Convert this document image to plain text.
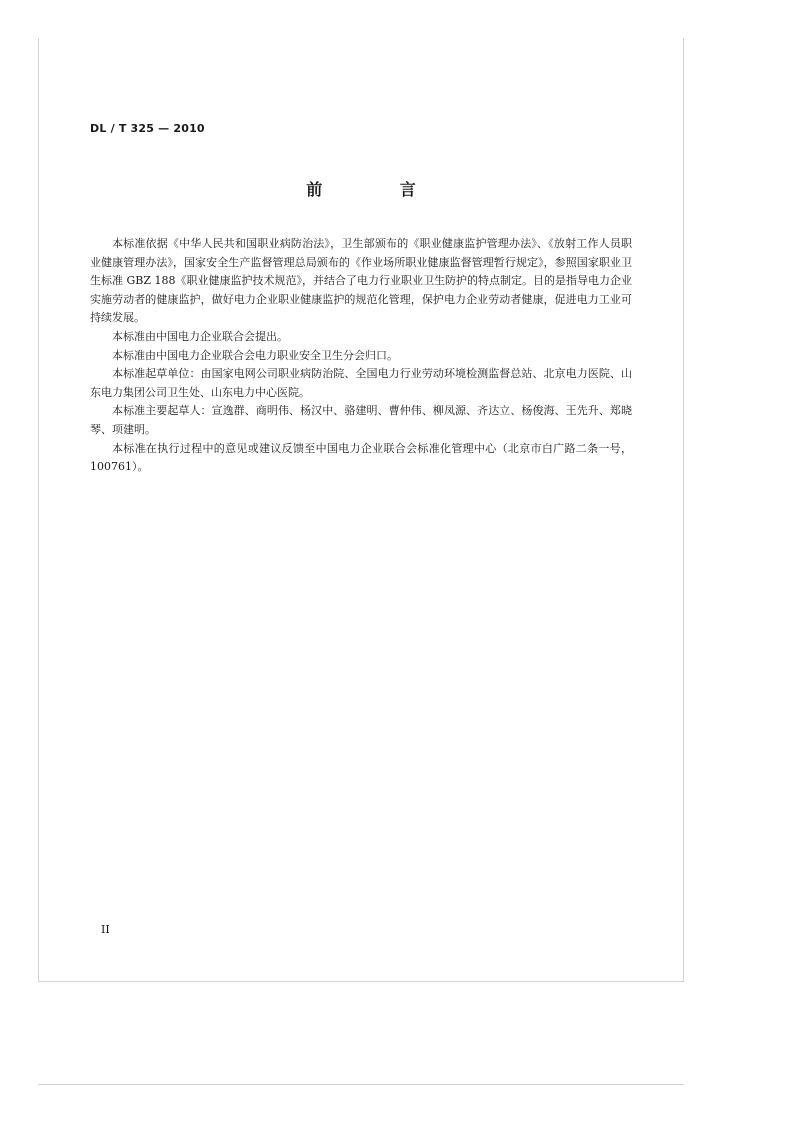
DL / T 325 — 2010
前 言

本标准依据《中华人民共和国职业病防治法》，卫生部颁布的《职业健康监护管理办法》、《放射工作人员职业健康管理办法》，国家安全生产监督管理总局颁布的《作业场所职业健康监督管理暂行规定》，参照国家职业卫生标准 GBZ 188《职业健康监护技术规范》，并结合了电力行业职业卫生防护的特点制定。目的是指导电力企业实施劳动者的健康监护，做好电力企业职业健康监护的规范化管理，保护电力企业劳动者健康，促进电力工业可持续发展。

本标准由中国电力企业联合会提出。

本标准由中国电力企业联合会电力职业安全卫生分会归口。

本标准起草单位：由国家电网公司职业病防治院、全国电力行业劳动环境检测监督总站、北京电力医院、山东电力集团公司卫生处、山东电力中心医院。

本标准主要起草人：宣逸群、商明伟、杨汉中、骆建明、曹仲伟、柳凤源、齐达立、杨俊海、王先升、郑晓琴、项建明。

本标准在执行过程中的意见或建议反馈至中国电力企业联合会标准化管理中心（北京市白广路二条一号，100761）。

II
